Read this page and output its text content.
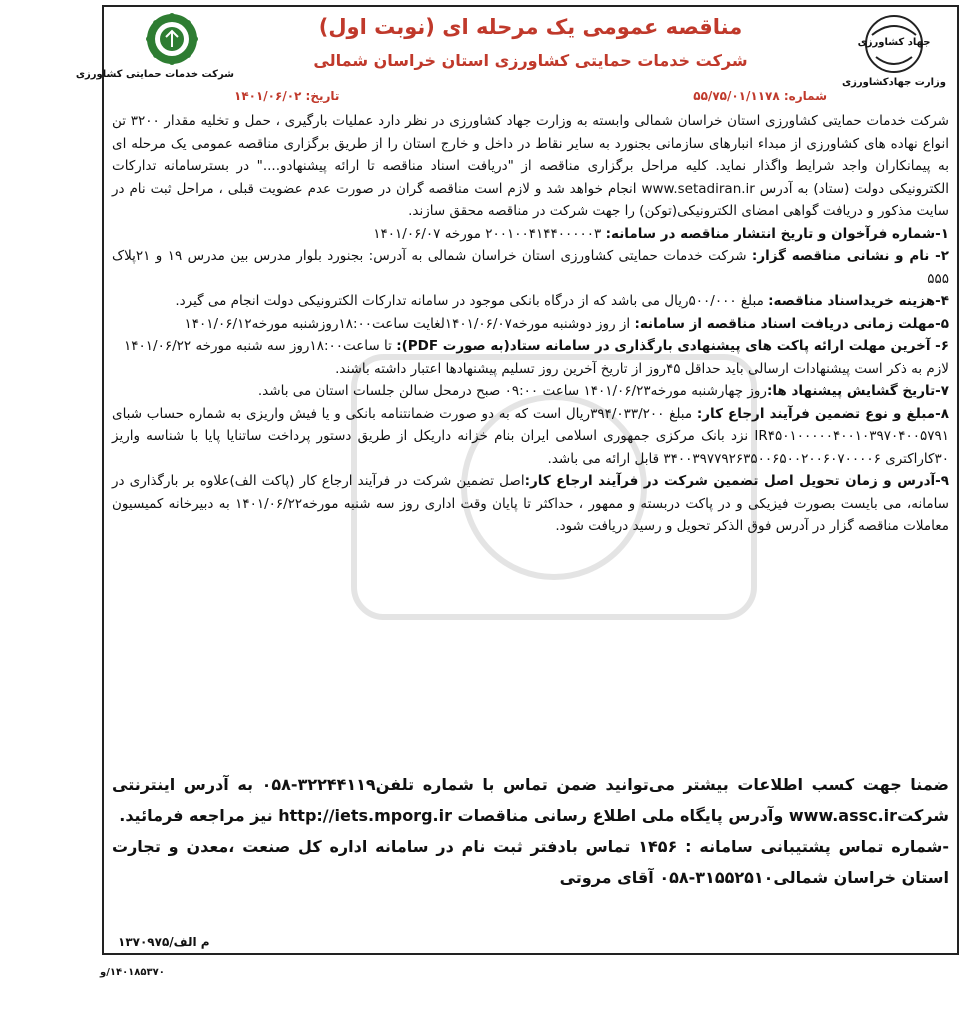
جهاد کشاورزی
وزارت جهادکشاورزی
مناقصه عمومی یک مرحله ای (نوبت اول)
شرکت خدمات حمایتی کشاورزی استان خراسان شمالی
شرکت خدمات حمایتی کشاورزی
شماره: ۵۵/۷۵/۰۱/۱۱۷۸
تاریخ: ۱۴۰۱/۰۶/۰۲

شرکت خدمات حمایتی کشاورزی استان خراسان شمالی وابسته به وزارت جهاد کشاورزی در نظر دارد عملیات بارگیری ، حمل و تخلیه مقدار ۳۲۰۰ تن انواع نهاده های کشاورزی از مبداء انبارهای سازمانی بجنورد به سایر نقاط در داخل و خارج استان را از طریق برگزاری مناقصه عمومی یک مرحله ای به پیمانکاران واجد شرایط واگذار نماید. کلیه مراحل برگزاری مناقصه از "دریافت اسناد مناقصه تا ارائه پیشنهادو...." در بسترسامانه تدارکات الکترونیکی دولت (ستاد) به آدرس www.setadiran.ir انجام خواهد شد و لازم است مناقصه گران در صورت عدم عضویت قبلی ، مراحل ثبت نام در سایت مذکور و دریافت گواهی امضای الکترونیکی(توکن) را جهت شرکت در مناقصه محقق سازند.

۱-شماره فرآخوان و تاریخ انتشار مناقصه در سامانه: ۲۰۰۱۰۰۴۱۴۴۰۰۰۰۰۳ مورخه ۱۴۰۱/۰۶/۰۷

۲- نام و نشانی مناقصه گزار: شرکت خدمات حمایتی کشاورزی استان خراسان شمالی به آدرس: بجنورد بلوار مدرس بین مدرس ۱۹ و ۲۱پلاک ۵۵۵

۴-هزینه خریداسناد مناقصه: مبلغ ۵۰۰/۰۰۰ریال می باشد که از درگاه بانکی موجود در سامانه تدارکات الکترونیکی دولت انجام می گیرد.

۵-مهلت زمانی دریافت اسناد مناقصه از سامانه: از روز دوشنبه مورخه۱۴۰۱/۰۶/۰۷لغایت ساعت۱۸:۰۰روزشنبه مورخه۱۴۰۱/۰۶/۱۲

۶- آخرین مهلت ارائه پاکت های پیشنهادی بارگذاری در سامانه ستاد(به صورت PDF): تا ساعت۱۸:۰۰روز سه شنبه مورخه ۱۴۰۱/۰۶/۲۲

لازم به ذکر است پیشنهادات ارسالی باید حداقل ۴۵روز از تاریخ آخرین روز تسلیم پیشنهادها اعتبار داشته باشند.

۷-تاریخ گشایش پیشنهاد ها:روز چهارشنبه مورخه۱۴۰۱/۰۶/۲۳ ساعت ۰۹:۰۰ صبح درمحل سالن جلسات استان می باشد.

۸-مبلغ و نوع تضمین فرآیند ارجاع کار: مبلغ ۳۹۴/۰۳۳/۲۰۰ریال است که به دو صورت ضمانتنامه بانکی و یا فیش واریزی به شماره حساب شبای IR۴۵۰۱۰۰۰۰۰۴۰۰۱۰۳۹۷۰۴۰۰۵۷۹۱ نزد بانک مرکزی جمهوری اسلامی ایران بنام خزانه داریکل از طریق دستور پرداخت ساتنایا پایا با شناسه واریز ۳۰کاراکتری ۳۴۰۰۳۹۷۷۹۲۶۳۵۰۰۶۵۰۰۲۰۰۶۰۷۰۰۰۰۶ قابل ارائه می باشد.

۹-آدرس و زمان تحویل اصل تضمین شرکت در فرآیند ارجاع کار:اصل تضمین شرکت در فرآیند ارجاع کار (پاکت الف)علاوه بر بارگذاری در سامانه، می بایست بصورت فیزیکی و در پاکت دربسته و ممهور ، حداکثر تا پایان وقت اداری روز سه شنبه مورخه۱۴۰۱/۰۶/۲۲ به دبیرخانه کمیسیون معاملات مناقصه گزار در آدرس فوق الذکر تحویل و رسید دریافت شود.

ضمنا جهت کسب اطلاعات بیشتر می‌توانید ضمن تماس با شماره تلفن۳۲۲۴۴۱۱۹-۰۵۸ به آدرس اینترنتی شرکتwww.assc.ir وآدرس پایگاه ملی اطلاع رسانی مناقصات http://iets.mporg.ir نیز مراجعه فرمائید.

-شماره تماس پشتیبانی سامانه : ۱۴۵۶ تماس بادفتر ثبت نام در سامانه اداره کل صنعت ،معدن و تجارت استان خراسان شمالی۳۱۵۵۲۵۱۰-۰۵۸ آقای مروتی

م الف/۱۳۷۰۹۷۵
۱۴۰۱۸۵۳۷۰/و
